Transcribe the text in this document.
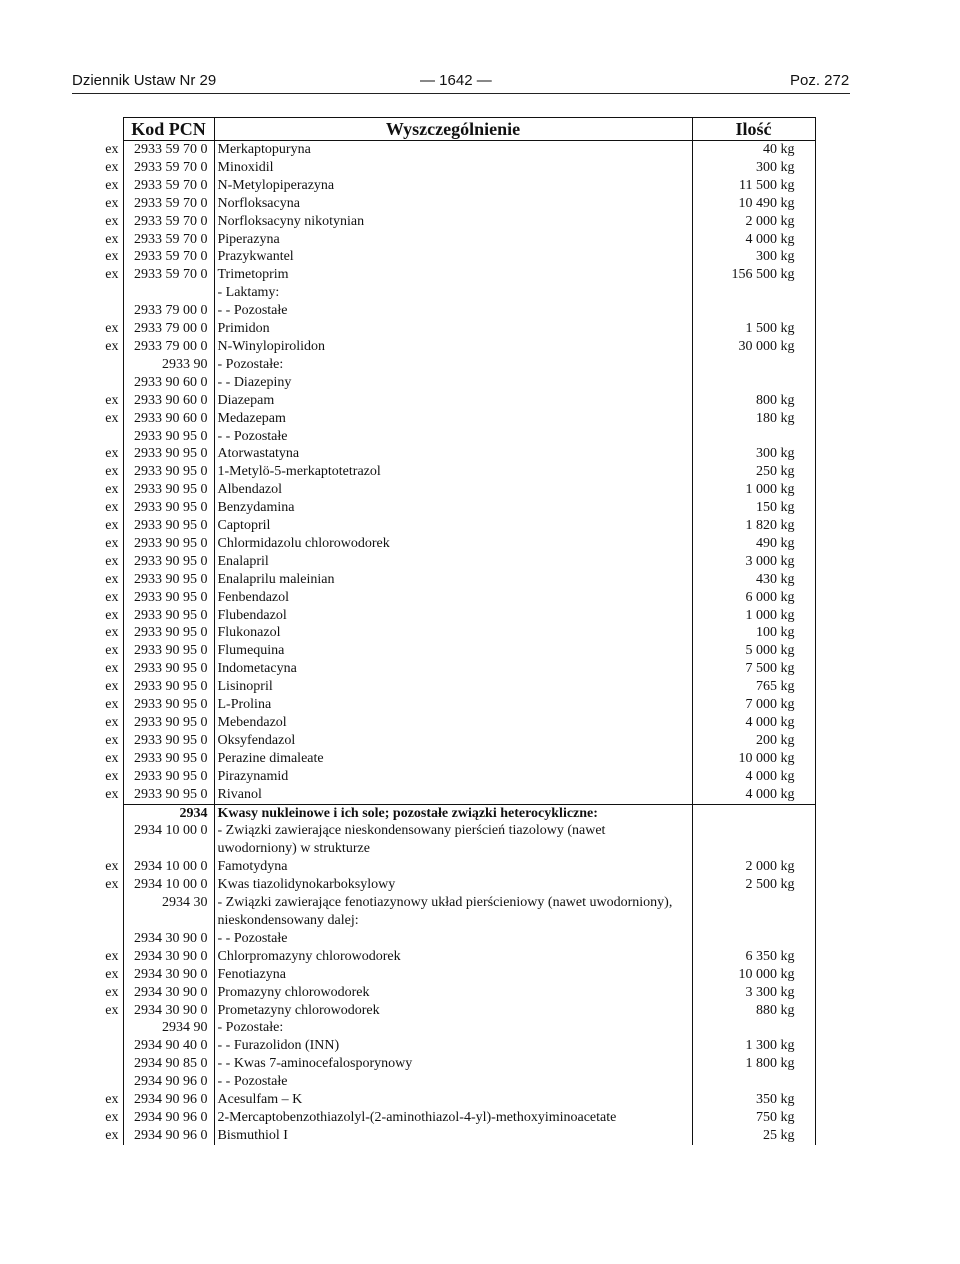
Dziennik Ustaw Nr 29	— 1642 —	Poz. 272
	Kod PCN	Wyszczególnienie	Ilość
ex	2933 59 70 0	Merkaptopuryna	40 kg
ex	2933 59 70 0	Minoxidil	300 kg
ex	2933 59 70 0	N-Metylopiperazyna	11 500 kg
ex	2933 59 70 0	Norfloksacyna	10 490 kg
ex	2933 59 70 0	Norfloksacyny nikotynian	2 000 kg
ex	2933 59 70 0	Piperazyna	4 000 kg
ex	2933 59 70 0	Prazykwantel	300 kg
ex	2933 59 70 0	Trimetoprim	156 500 kg
		- Laktamy:	
	2933 79 00 0	- - Pozostałe	
ex	2933 79 00 0	Primidon	1 500 kg
ex	2933 79 00 0	N-Winylopirolidon	30 000 kg
	2933 90	- Pozostałe:	
	2933 90 60 0	- - Diazepiny	
ex	2933 90 60 0	Diazepam	800 kg
ex	2933 90 60 0	Medazepam	180 kg
	2933 90 95 0	- - Pozostałe	
ex	2933 90 95 0	Atorwastatyna	300 kg
ex	2933 90 95 0	1-Metylö-5-merkaptotetrazol	250 kg
ex	2933 90 95 0	Albendazol	1 000 kg
ex	2933 90 95 0	Benzydamina	150 kg
ex	2933 90 95 0	Captopril	1 820 kg
ex	2933 90 95 0	Chlormidazolu chlorowodorek	490 kg
ex	2933 90 95 0	Enalapril	3 000 kg
ex	2933 90 95 0	Enalaprilu maleinian	430 kg
ex	2933 90 95 0	Fenbendazol	6 000 kg
ex	2933 90 95 0	Flubendazol	1 000 kg
ex	2933 90 95 0	Flukonazol	100 kg
ex	2933 90 95 0	Flumequina	5 000 kg
ex	2933 90 95 0	Indometacyna	7 500 kg
ex	2933 90 95 0	Lisinopril	765 kg
ex	2933 90 95 0	L-Prolina	7 000 kg
ex	2933 90 95 0	Mebendazol	4 000 kg
ex	2933 90 95 0	Oksyfendazol	200 kg
ex	2933 90 95 0	Perazine dimaleate	10 000 kg
ex	2933 90 95 0	Pirazynamid	4 000 kg
ex	2933 90 95 0	Rivanol	4 000 kg
	2934	Kwasy nukleinowe i ich sole; pozostałe związki heterocykliczne:	
	2934 10 00 0	- Związki zawierające nieskondensowany pierścień tiazolowy (nawet uwodorniony) w strukturze	
ex	2934 10 00 0	Famotydyna	2 000 kg
ex	2934 10 00 0	Kwas tiazolidynokarboksylowy	2 500 kg
	2934 30	- Związki zawierające fenotiazynowy układ pierścieniowy (nawet uwodorniony), nieskondensowany dalej:	
	2934 30 90 0	- - Pozostałe	
ex	2934 30 90 0	Chlorpromazyny chlorowodorek	6 350 kg
ex	2934 30 90 0	Fenotiazyna	10 000 kg
ex	2934 30 90 0	Promazyny chlorowodorek	3 300 kg
ex	2934 30 90 0	Prometazyny chlorowodorek	880 kg
	2934 90	- Pozostałe:	
	2934 90 40 0	- - Furazolidon (INN)	1 300 kg
	2934 90 85 0	- - Kwas 7-aminocefalosporynowy	1 800 kg
	2934 90 96 0	- - Pozostałe	
ex	2934 90 96 0	Acesulfam – K	350 kg
ex	2934 90 96 0	2-Mercaptobenzothiazolyl-(2-aminothiazol-4-yl)-methoxyiminoacetate	750 kg
ex	2934 90 96 0	Bismuthiol I	25 kg
